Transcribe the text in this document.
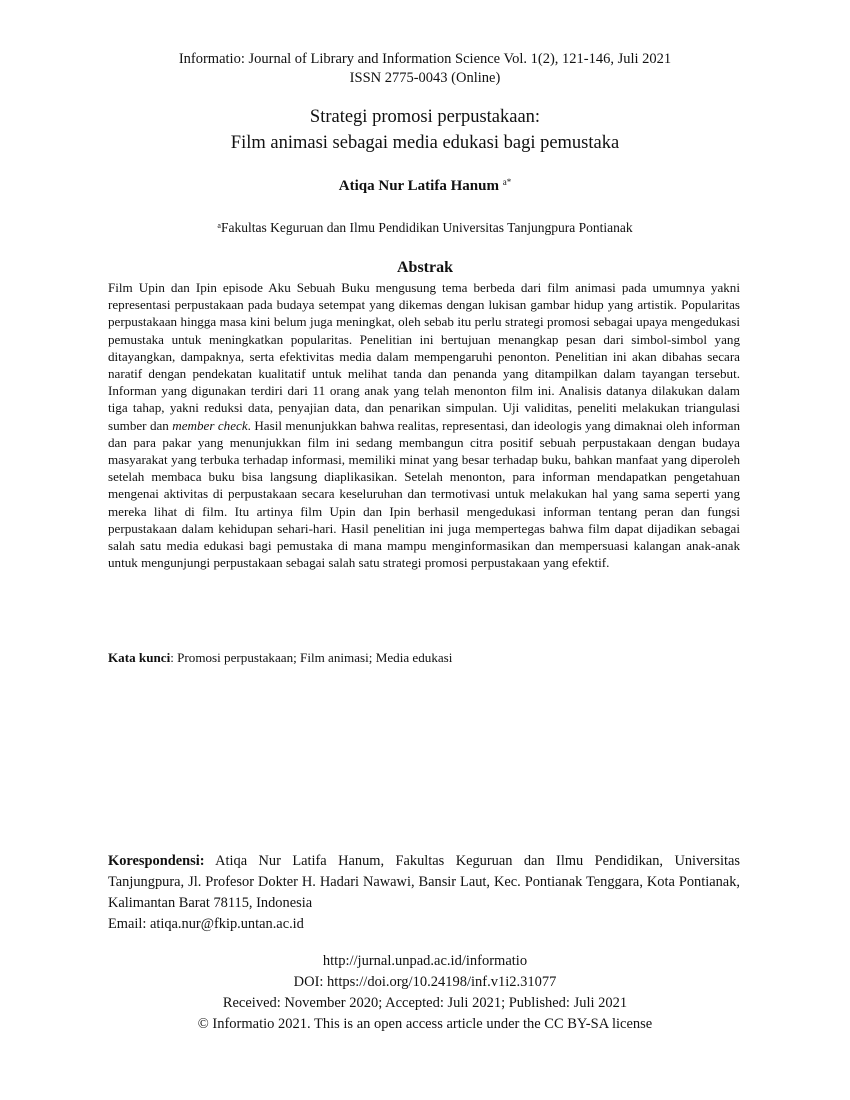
Informatio: Journal of Library and Information Science Vol. 1(2), 121-146, Juli 2021
ISSN 2775-0043 (Online)
Strategi promosi perpustakaan:
Film animasi sebagai media edukasi bagi pemustaka
Atiqa Nur Latifa Hanum $^{a*}$
$^a$Fakultas Keguruan dan Ilmu Pendidikan Universitas Tanjungpura Pontianak
Abstrak

Film Upin dan Ipin episode Aku Sebuah Buku mengusung tema berbeda dari film animasi pada umumnya yakni representasi perpustakaan pada budaya setempat yang dikemas dengan lukisan gambar hidup yang artistik. Popularitas perpustakaan hingga masa kini belum juga meningkat, oleh sebab itu perlu strategi promosi sebagai upaya mengedukasi pemustaka untuk meningkatkan popularitas. Penelitian ini bertujuan menangkap pesan dari simbol-simbol yang ditayangkan, dampaknya, serta efektivitas media dalam mempengaruhi penonton. Penelitian ini akan dibahas secara naratif dengan pendekatan kualitatif untuk melihat tanda dan penanda yang ditampilkan dalam tayangan tersebut. Informan yang digunakan terdiri dari 11 orang anak yang telah menonton film ini. Analisis datanya dilakukan dalam tiga tahap, yakni reduksi data, penyajian data, dan penarikan simpulan. Uji validitas, peneliti melakukan triangulasi sumber dan member check. Hasil menunjukkan bahwa realitas, representasi, dan ideologis yang dimaknai oleh informan dan para pakar yang menunjukkan film ini sedang membangun citra positif sebuah perpustakaan dengan budaya masyarakat yang terbuka terhadap informasi, memiliki minat yang besar terhadap buku, bahkan manfaat yang diperoleh setelah membaca buku bisa langsung diaplikasikan. Setelah menonton, para informan mendapatkan pengetahuan mengenai aktivitas di perpustakaan secara keseluruhan dan termotivasi untuk melakukan hal yang sama seperti yang mereka lihat di film. Itu artinya film Upin dan Ipin berhasil mengedukasi informan tentang peran dan fungsi perpustakaan dalam kehidupan sehari-hari. Hasil penelitian ini juga mempertegas bahwa film dapat dijadikan sebagai salah satu media edukasi bagi pemustaka di mana mampu menginformasikan dan mempersuasi kalangan anak-anak untuk mengunjungi perpustakaan sebagai salah satu strategi promosi perpustakaan yang efektif.

Kata kunci: Promosi perpustakaan; Film animasi; Media edukasi
Korespondensi: Atiqa Nur Latifa Hanum, Fakultas Keguruan dan Ilmu Pendidikan, Universitas Tanjungpura, Jl. Profesor Dokter H. Hadari Nawawi, Bansir Laut, Kec. Pontianak Tenggara, Kota Pontianak, Kalimantan Barat 78115, Indonesia
Email: atiqa.nur@fkip.untan.ac.id
http://jurnal.unpad.ac.id/informatio
DOI: https://doi.org/10.24198/inf.v1i2.31077
Received: November 2020; Accepted: Juli 2021; Published: Juli 2021
© Informatio 2021. This is an open access article under the CC BY-SA license
